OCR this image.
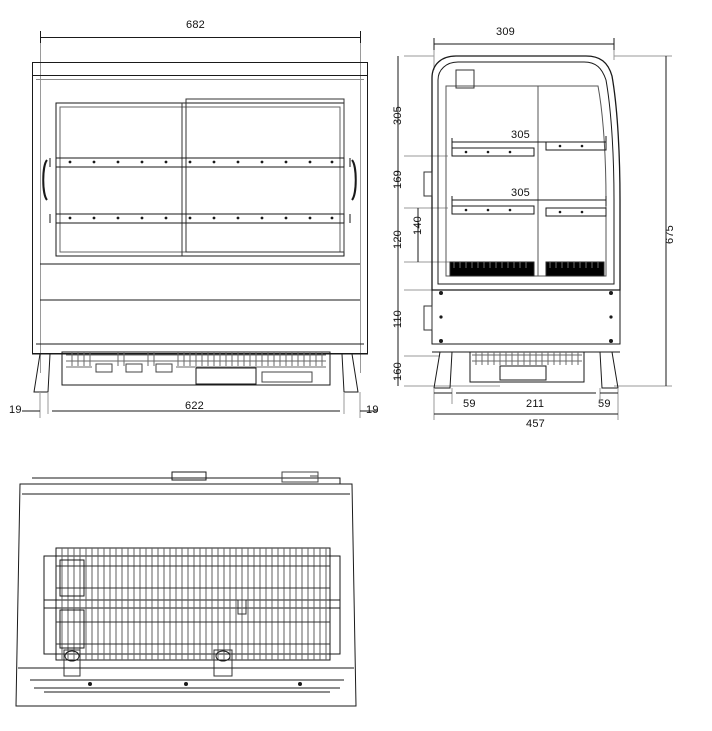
682
622
19	19
309
675
305
169
120
140
110
160
305
305
457
59	211	59
